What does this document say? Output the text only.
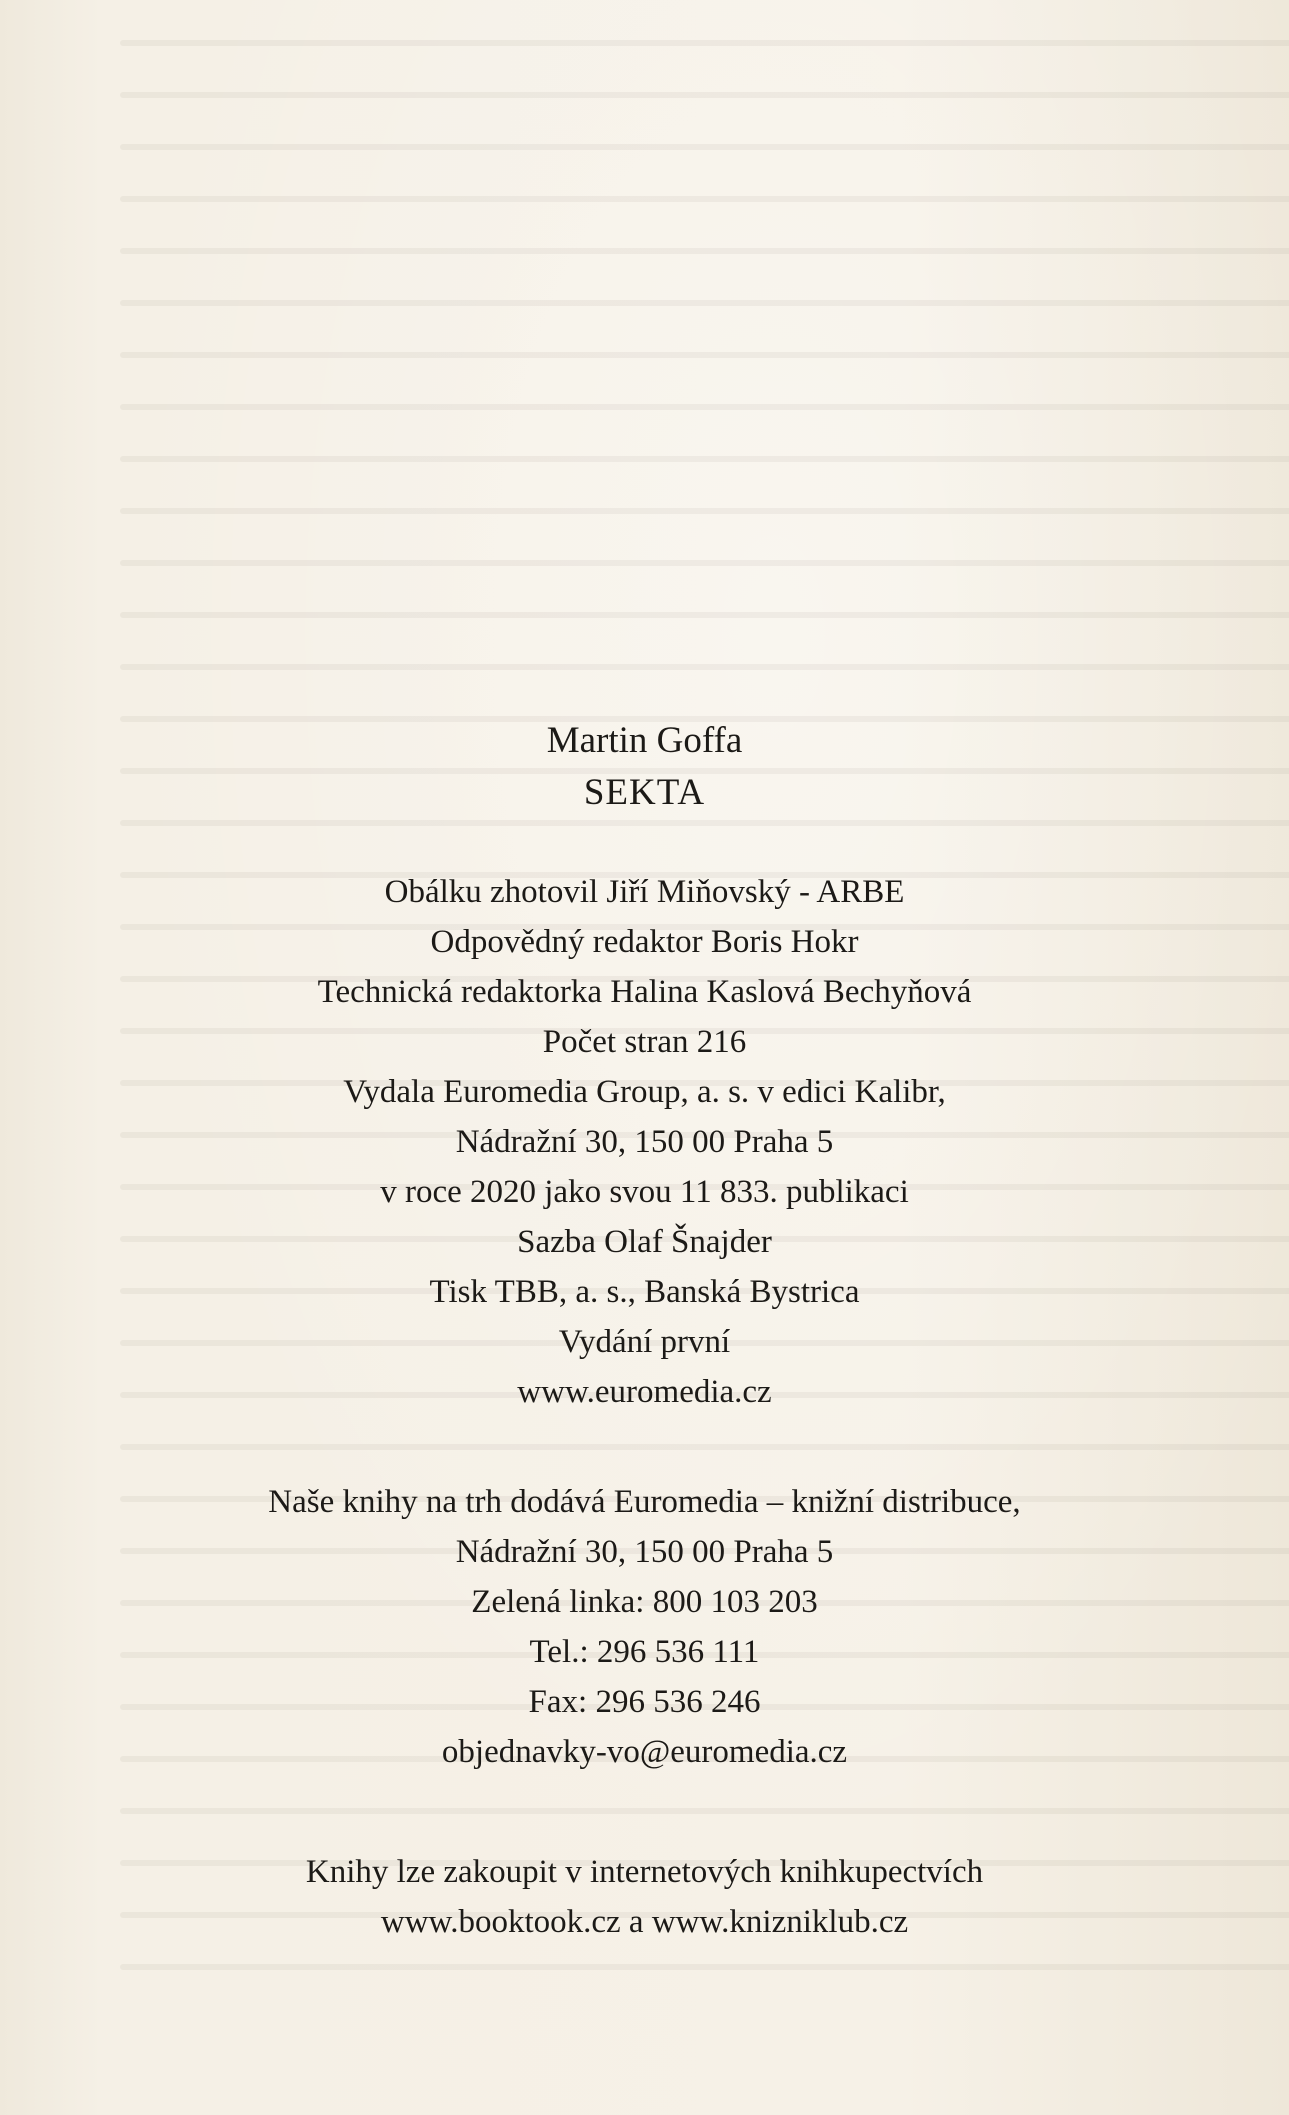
Martin Goffa
SEKTA
Obálku zhotovil Jiří Miňovský - ARBE
Odpovědný redaktor Boris Hokr
Technická redaktorka Halina Kaslová Bechyňová
Počet stran 216
Vydala Euromedia Group, a. s. v edici Kalibr,
Nádražní 30, 150 00 Praha 5
v roce 2020 jako svou 11 833. publikaci
Sazba Olaf Šnajder
Tisk TBB, a. s., Banská Bystrica
Vydání první
www.euromedia.cz
Naše knihy na trh dodává Euromedia – knižní distribuce,
Nádražní 30, 150 00 Praha 5
Zelená linka: 800 103 203
Tel.: 296 536 111
Fax: 296 536 246
objednavky-vo@euromedia.cz
Knihy lze zakoupit v internetových knihkupectvích
www.booktook.cz a www.knizniklub.cz
